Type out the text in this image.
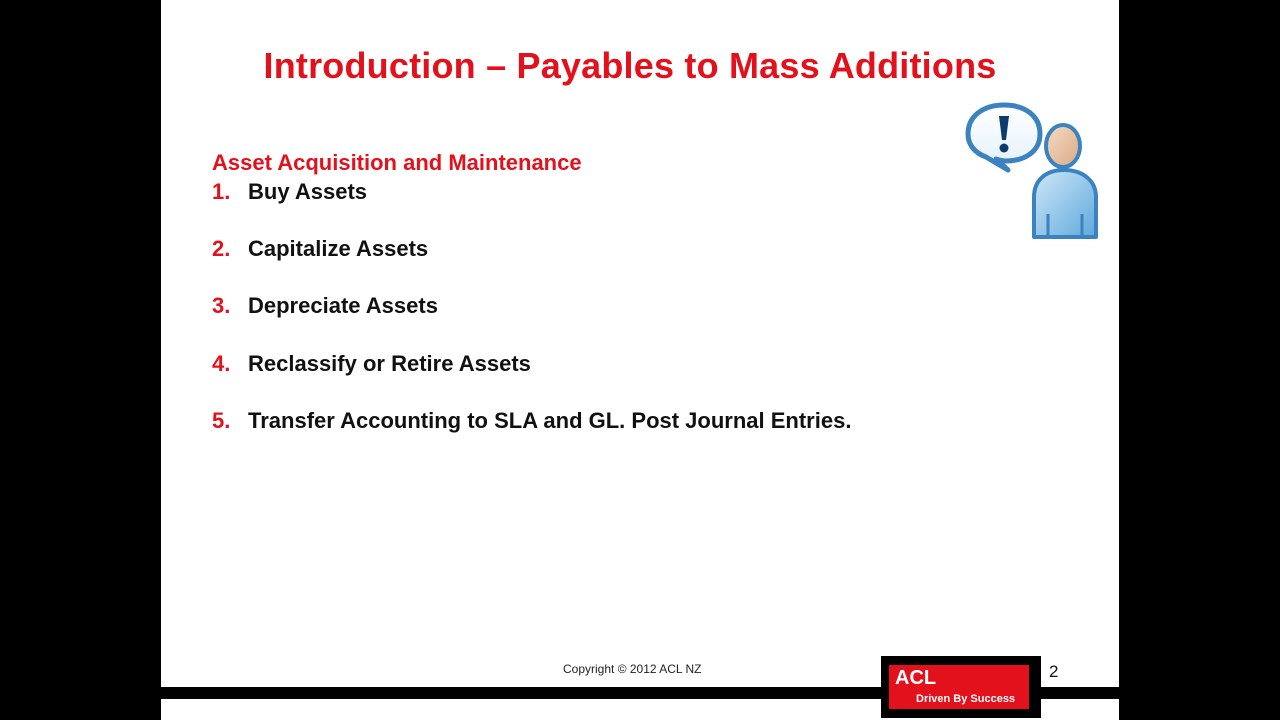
Introduction – Payables to Mass Additions
Asset Acquisition and Maintenance
1. Buy Assets
2. Capitalize Assets
3. Depreciate Assets
4. Reclassify or Retire Assets
5. Transfer Accounting to SLA and GL. Post Journal Entries.
Copyright © 2012 ACL NZ	2
ACL
Driven By Success
